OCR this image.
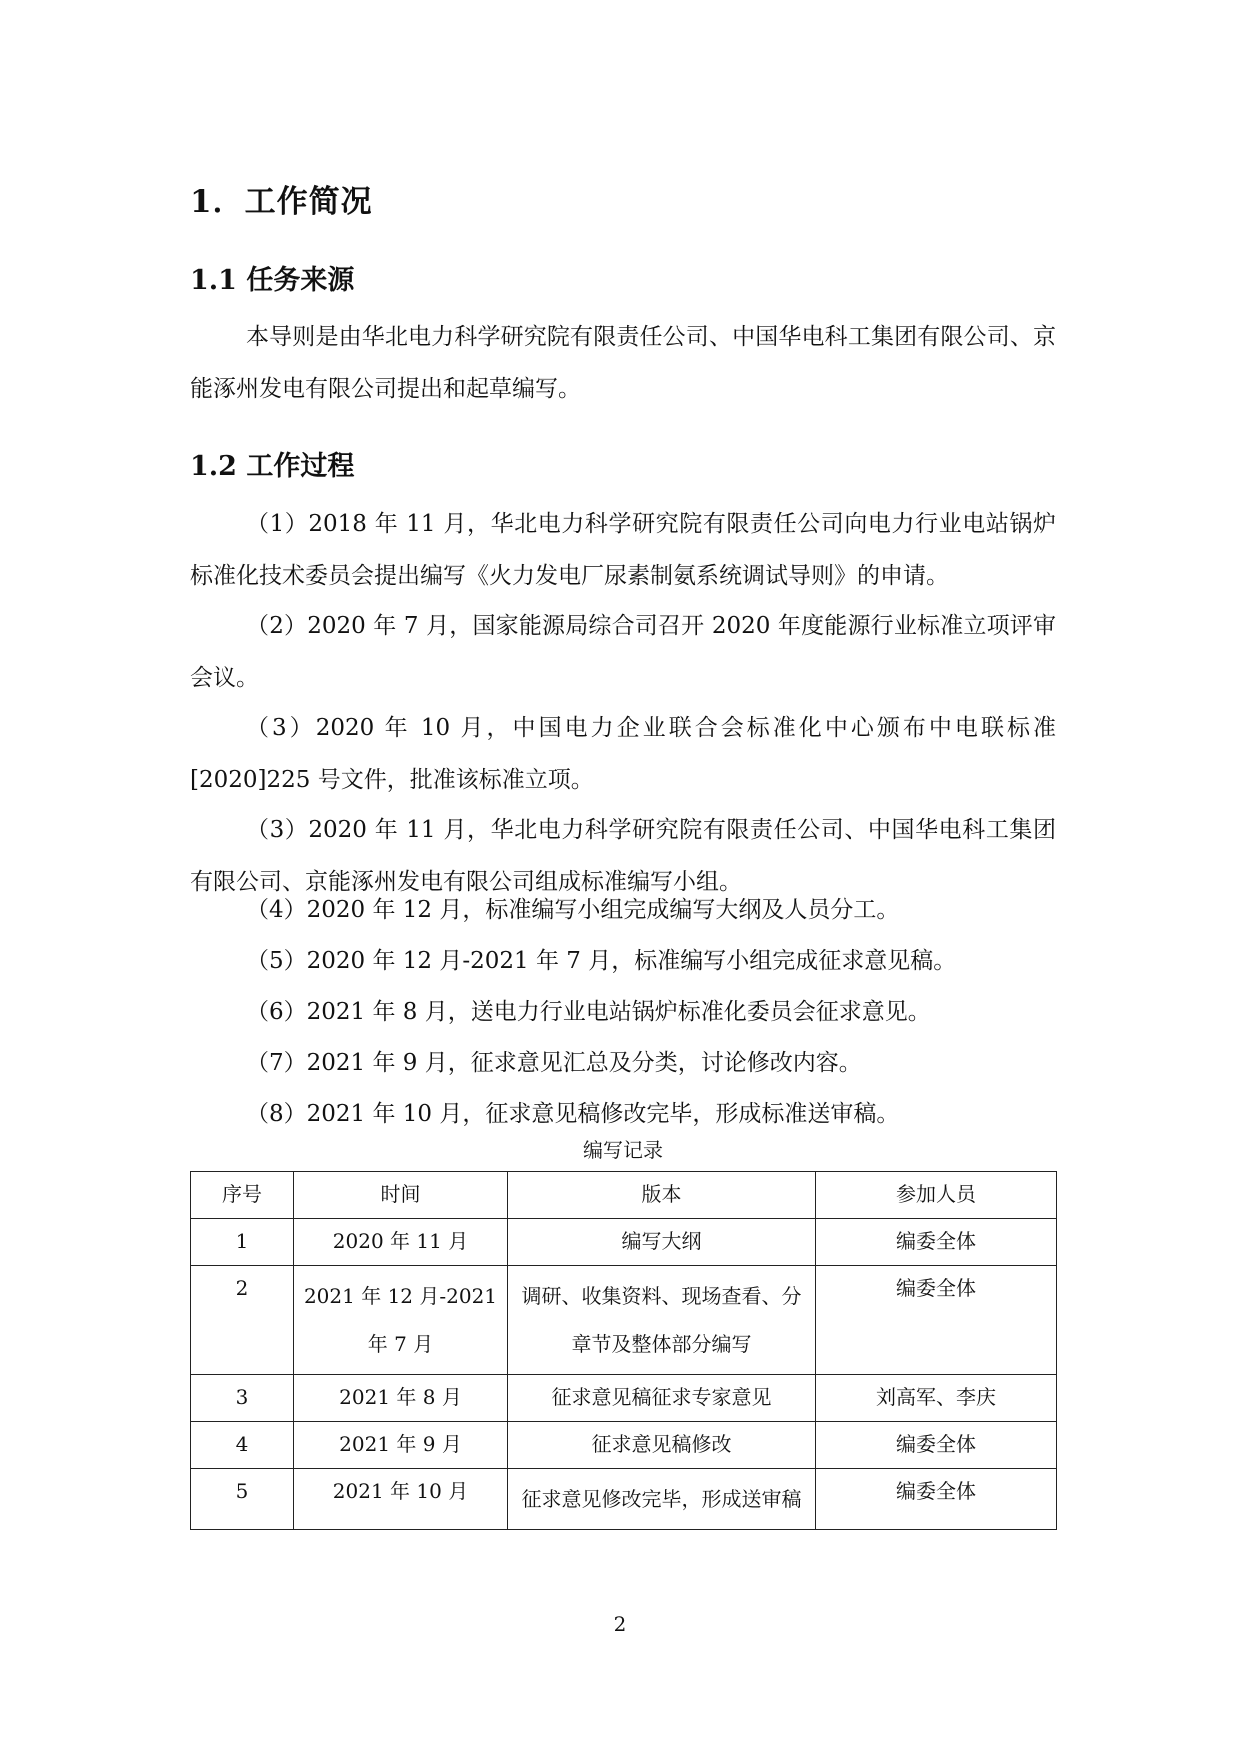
1．工作简况
1.1 任务来源

本导则是由华北电力科学研究院有限责任公司、中国华电科工集团有限公司、京能涿州发电有限公司提出和起草编写。

1.2 工作过程

（1）2018 年 11 月，华北电力科学研究院有限责任公司向电力行业电站锅炉标准化技术委员会提出编写《火力发电厂尿素制氨系统调试导则》的申请。

（2）2020 年 7 月，国家能源局综合司召开 2020 年度能源行业标准立项评审会议。

（3）2020 年 10 月，中国电力企业联合会标准化中心颁布中电联标准[2020]225 号文件，批准该标准立项。

（3）2020 年 11 月，华北电力科学研究院有限责任公司、中国华电科工集团有限公司、京能涿州发电有限公司组成标准编写小组。

（4）2020 年 12 月，标准编写小组完成编写大纲及人员分工。

（5）2020 年 12 月-2021 年 7 月，标准编写小组完成征求意见稿。

（6）2021 年 8 月，送电力行业电站锅炉标准化委员会征求意见。

（7）2021 年 9 月，征求意见汇总及分类，讨论修改内容。

（8）2021 年 10 月，征求意见稿修改完毕，形成标准送审稿。

编写记录

序号	时间	版本	参加人员
1	2020 年 11 月	编写大纲	编委全体
2	2021 年 12 月-2021 年 7 月	调研、收集资料、现场查看、分章节及整体部分编写	编委全体
3	2021 年 8 月	征求意见稿征求专家意见	刘高军、李庆
4	2021 年 9 月	征求意见稿修改	编委全体
5	2021 年 10 月	征求意见修改完毕，形成送审稿	编委全体

2
